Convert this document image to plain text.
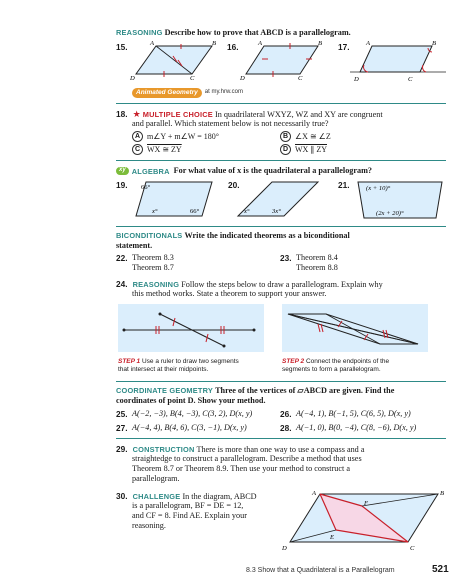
REASONING Describe how to prove that ABCD is a parallelogram.
15.	A	B
C
D
16.	A	B
C
D
17. A	B
C
D
Animated Geometry	at my.hrw.com
18. ★ MULTIPLE CHOICE In quadrilateral WXYZ, WZ and XY are congruent
and parallel. Which statement below is not necessarily true?
A m∠Y + m∠W = 180°	B ∠X ≅ ∠Z
C WX ≅ ZY	D WX ∥ ZY
xy ALGEBRA For what value of x is the quadrilateral a parallelogram?
19. 66°
66°
x°
20.
x°	3x°
21. (x + 10)°
(2x + 20)°
BICONDITIONALS Write the indicated theorems as a biconditional
statement.
22. Theorem 8.3
Theorem 8.7
23. Theorem 8.4
Theorem 8.8
24. REASONING Follow the steps below to draw a parallelogram. Explain why
this method works. State a theorem to support your answer.
STEP 1 Use a ruler to draw two segments
that intersect at their midpoints.
STEP 2 Connect the endpoints of the
segments to form a parallelogram.
COORDINATE GEOMETRY Three of the vertices of ▱ABCD are given. Find the
coordinates of point D. Show your method.
25. A(−2, −3), B(4, −3), C(3, 2), D(x, y)	26. A(−4, 1), B(−1, 5), C(6, 5), D(x, y)
27. A(−4, 4), B(4, 6), C(3, −1), D(x, y)	28. A(−1, 0), B(0, −4), C(8, −6), D(x, y)
29. CONSTRUCTION There is more than one way to use a compass and a
straightedge to construct a parallelogram. Describe a method that uses
Theorem 8.7 or Theorem 8.9. Then use your method to construct a
parallelogram.
30. CHALLENGE In the diagram, ABCD
is a parallelogram, BF = DE = 12,
and CF = 8. Find AE. Explain your
reasoning.
A	B
C
D
E
F
8.3 Show that a Quadrilateral is a Parallelogram	521
